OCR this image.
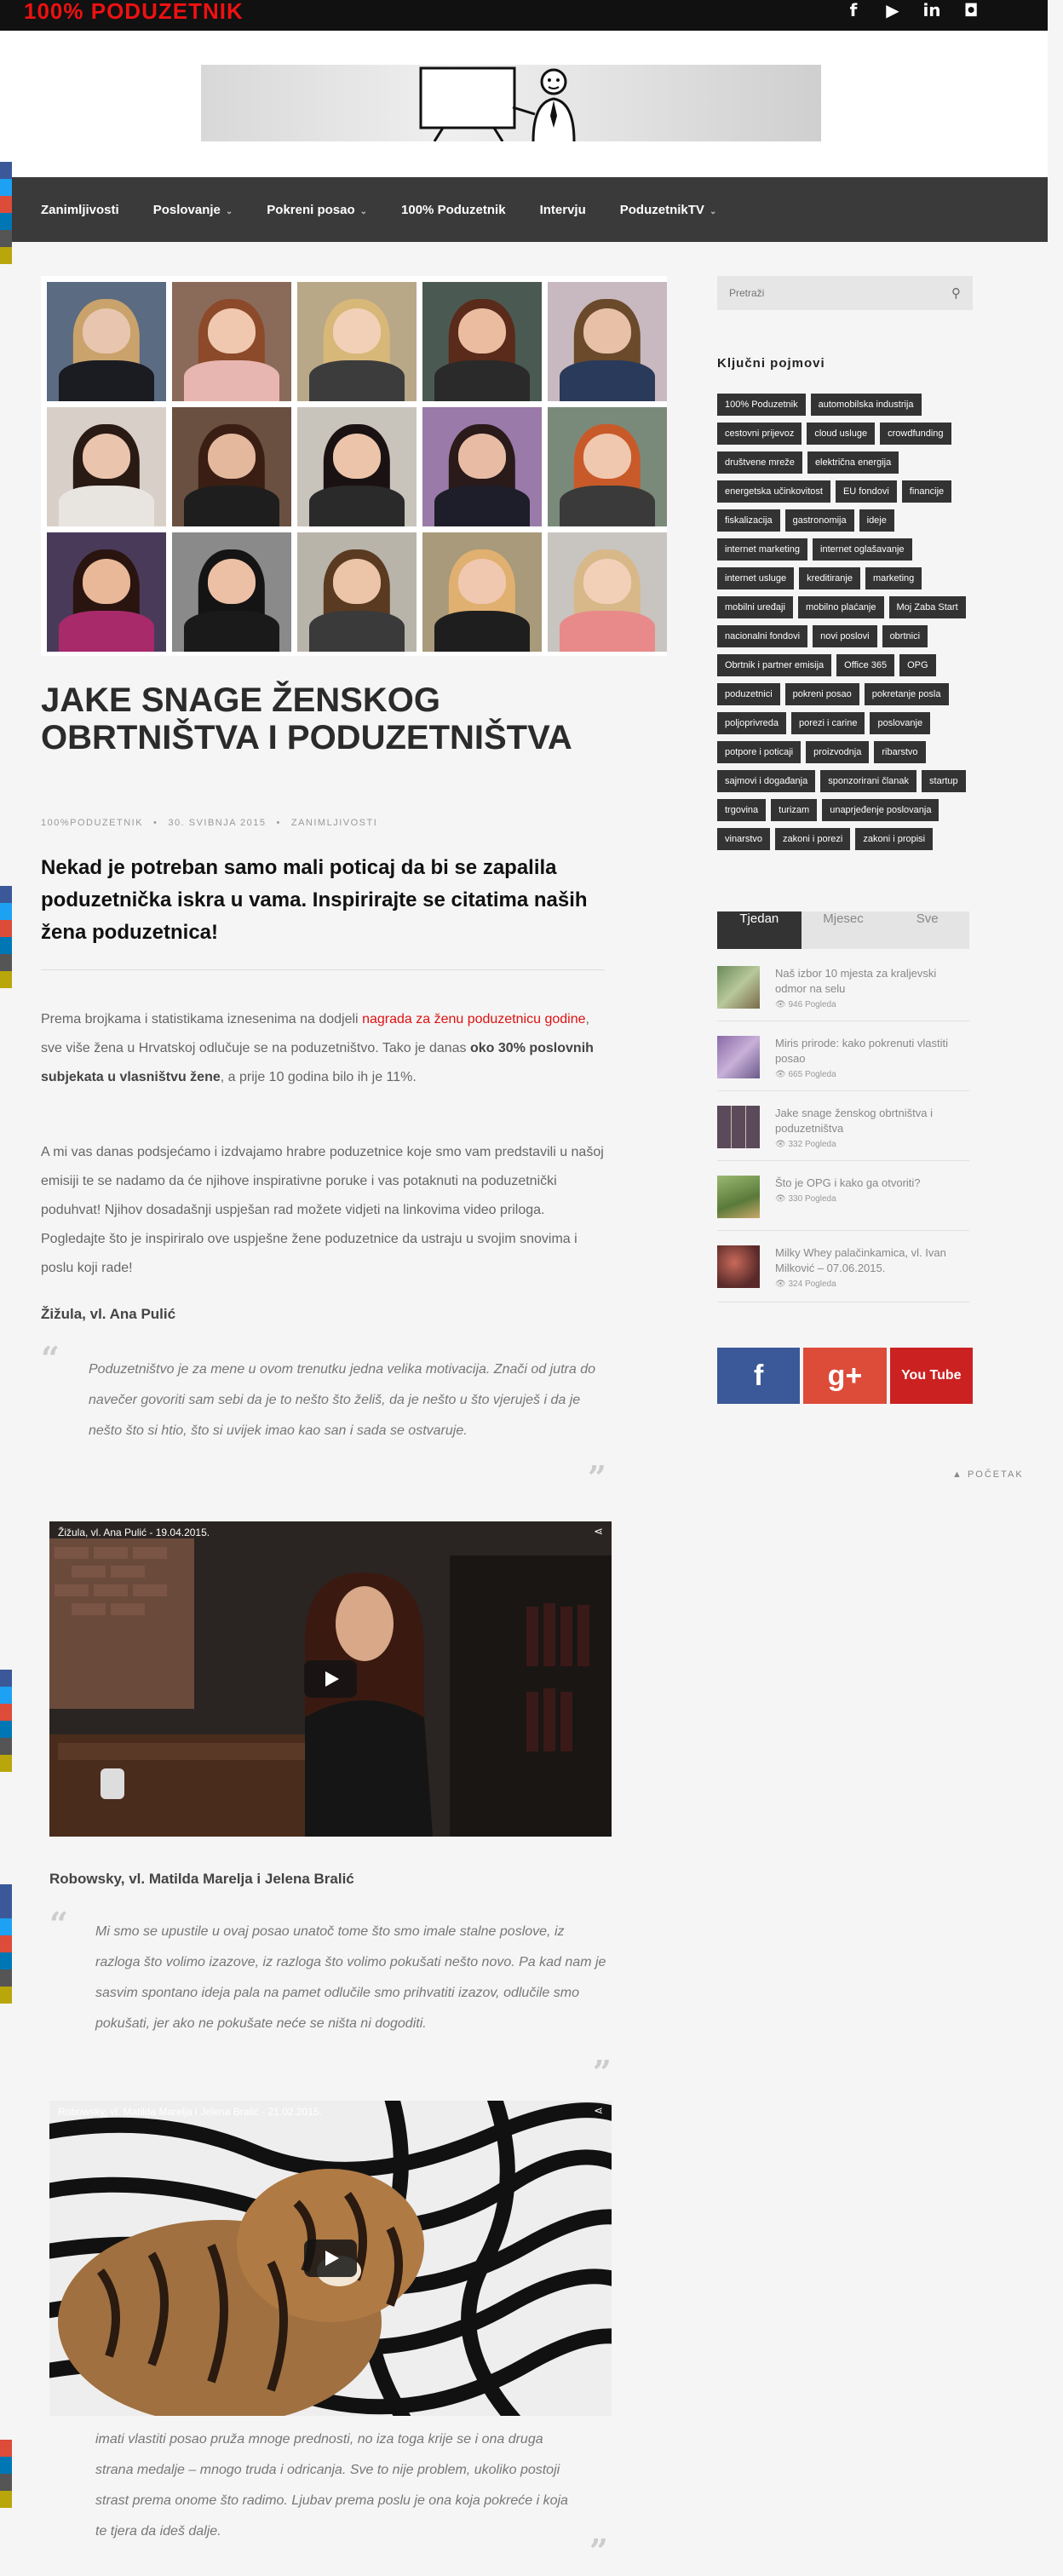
100% PODUZETNIK	f	▶ in ◘
Zanimljivosti	Poslovanje ⌄	Pokreni posao ⌄	100% Poduzetnik	Intervju	PoduzetnikTV ⌄
JAKE SNAGE ŽENSKOG OBRTNIŠTVA I PODUZETNIŠTVA
100%PODUZETNIK • 30. SVIBNJA 2015 • ZANIMLJIVOSTI
Nekad je potreban samo mali poticaj da bi se zapalila poduzetnička iskra u vama. Inspirirajte se citatima naših žena poduzetnica!
Prema brojkama i statistikama iznesenima na dodjeli nagrada za ženu poduzetnicu godine, sve više žena u Hrvatskoj odlučuje se na poduzetništvo. Tako je danas oko 30% poslovnih subjekata u vlasništvu žene, a prije 10 godina bilo ih je 11%.
A mi vas danas podsjećamo i izdvajamo hrabre poduzetnice koje smo vam predstavili u našoj emisiji te se nadamo da će njihove inspirativne poruke i vas potaknuti na poduzetnički poduhvat! Njihov dosadašnji uspješan rad možete vidjeti na linkovima video priloga. Pogledajte što je inspiriralo ove uspješne žene poduzetnice da ustraju u svojim snovima i poslu koji rade!
Žižula, vl. Ana Pulić
“ Poduzetništvo je za mene u ovom trenutku jedna velika motivacija. Znači od jutra do navečer govoriti sam sebi da je to nešto što želiš, da je nešto u što vjeruješ i da je nešto što si htio, što si uvijek imao kao san i sada se ostvaruje.
”
Žižula, vl. Ana Pulić - 19.04.2015.	⋖
Robowsky, vl. Matilda Marelja i Jelena Bralić
“ Mi smo se upustile u ovaj posao unatoč tome što smo imale stalne poslove, iz razloga što volimo izazove, iz razloga što volimo pokušati nešto novo. Pa kad nam je sasvim spontano ideja pala na pamet odlučile smo prihvatiti izazov, odlučile smo pokušati, jer ako ne pokušate neće se ništa ni dogoditi.
”
Robowsky, vl. Matilda Marelja i Jelena Bralić - 21.02.2015.	⋖
imati vlastiti posao pruža mnoge prednosti, no iza toga krije se i ona druga strana medalje – mnogo truda i odricanja. Sve to nije problem, ukoliko postoji strast prema onome što radimo. Ljubav prema poslu je ona koja pokreće i koja te tjera da ideš dalje.
”
Pretraži
⚲
Ključni pojmovi
100% Poduzetnik	automobilska industrija
cestovni prijevoz	cloud usluge	crowdfunding
društvene mreže	električna energija
energetska učinkovitost	EU fondovi	financije
fiskalizacija	gastronomija	ideje
internet marketing	internet oglašavanje
internet usluge	kreditiranje	marketing
mobilni uređaji	mobilno plaćanje	Moj Zaba Start
nacionalni fondovi	novi poslovi	obrtnici
Obrtnik i partner emisija	Office 365	OPG
poduzetnici	pokreni posao	pokretanje posla
poljoprivreda	porezi i carine	poslovanje
potpore i poticaji	proizvodnja	ribarstvo
sajmovi i događanja	sponzorirani članak	startup
trgovina	turizam	unaprjeđenje poslovanja
vinarstvo	zakoni i porezi	zakoni i propisi
Tjedan	Mjesec	Sve
Naš izbor 10 mjesta za kraljevski odmor na selu
👁 946 Pogleda
Miris prirode: kako pokrenuti vlastiti posao
👁 665 Pogleda
Jake snage ženskog obrtništva i poduzetništva
👁 332 Pogleda
Što je OPG i kako ga otvoriti?
👁 330 Pogleda
Milky Whey palačinkamica, vl. Ivan Milković – 07.06.2015.
👁 324 Pogleda
f	g+	You Tube
▲ POČETAK
